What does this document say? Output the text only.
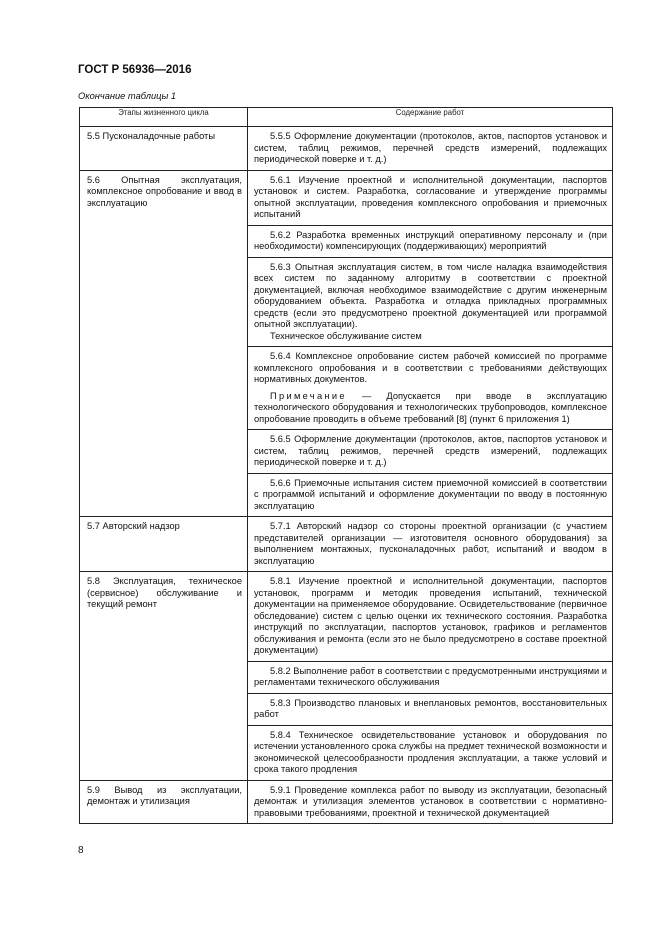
ГОСТ Р 56936—2016
Окончание таблицы 1
Этапы жизненного цикла	Содержание работ
5.5 Пусконаладочные работы	5.5.5 Оформление документации (протоколов, актов, паспортов установок и систем, таблиц режимов, перечней средств измерений, подлежащих периодической поверке и т. д.)

5.6 Опытная эксплуатация, комплексное опробование и ввод в эксплуатацию	5.6.1 Изучение проектной и исполнительной документации, паспортов установок и систем. Разработка, согласование и утверждение программы опытной эксплуатации, проведения комплексного опробования и приемочных испытаний

	5.6.2 Разработка временных инструкций оперативному персоналу и (при необходимости) компенсирующих (поддерживающих) мероприятий

	5.6.3 Опытная эксплуатация систем, в том числе наладка взаимодействия всех систем по заданному алгоритму в соответствии с проектной документацией, включая необходимое взаимодействие с другим инженерным оборудованием объекта. Разработка и отладка прикладных программных средств (если это предусмотрено проектной документацией или программой опытной эксплуатации).

Техническое обслуживание систем

	5.6.4 Комплексное опробование систем рабочей комиссией по программе комплексного опробования и в соответствии с требованиями действующих нормативных документов.

Примечание — Допускается при вводе в эксплуатацию технологического оборудования и технологических трубопроводов, комплексное опробование проводить в объеме требований [8] (пункт 6 приложения 1)

	5.6.5 Оформление документации (протоколов, актов, паспортов установок и систем, таблиц режимов, перечней средств измерений, подлежащих периодической поверке и т. д.)

	5.6.6 Приемочные испытания систем приемочной комиссией в соответствии с программой испытаний и оформление документации по вводу в постоянную эксплуатацию

5.7 Авторский надзор	5.7.1 Авторский надзор со стороны проектной организации (с участием представителей организации — изготовителя основного оборудования) за выполнением монтажных, пусконаладочных работ, испытаний и вводом в эксплуатацию

5.8 Эксплуатация, техническое (сервисное) обслуживание и текущий ремонт	5.8.1 Изучение проектной и исполнительной документации, паспортов установок, программ и методик проведения испытаний, технической документации на применяемое оборудование. Освидетельствование (первичное обследование) систем с целью оценки их технического состояния. Разработка инструкций по эксплуатации, паспортов установок, графиков и регламентов обслуживания и ремонта (если это не было предусмотрено в составе проектной документации)

	5.8.2 Выполнение работ в соответствии с предусмотренными инструкциями и регламентами технического обслуживания

	5.8.3 Производство плановых и внеплановых ремонтов, восстановительных работ

	5.8.4 Техническое освидетельствование установок и оборудования по истечении установленного срока службы на предмет технической возможности и экономической целесообразности продления эксплуатации, а также условий и срока такого продления

5.9 Вывод из эксплуатации, демонтаж и утилизация	5.9.1 Проведение комплекса работ по выводу из эксплуатации, безопасный демонтаж и утилизация элементов установок в соответствии с нормативно-правовыми требованиями, проектной и технической документацией

8
